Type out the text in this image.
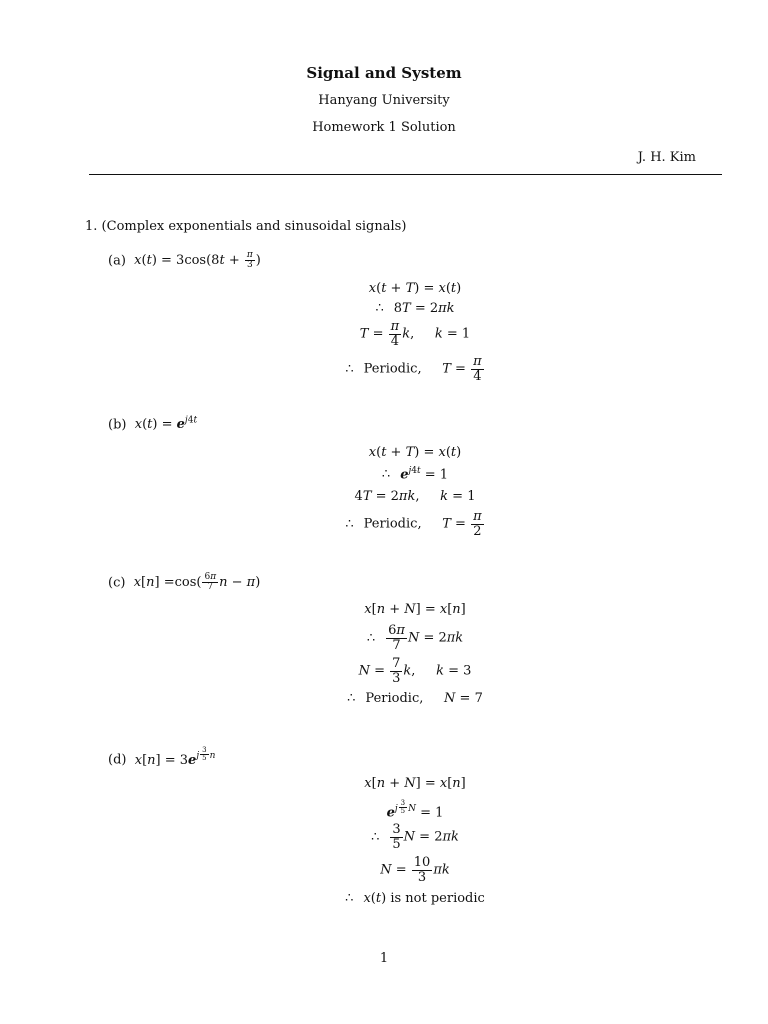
Signal and System
Hanyang University
Homework 1 Solution
J. H. Kim
1. (Complex exponentials and sinusoidal signals)
(a) $x(t) = 3\cos(8t + \frac{\pi}{3}$ )
x(t + T) = x(t)
∴ 8T = 2πk
$T = \frac{\pi}{4} k$,     k = 1
∴ Periodic, $T = \frac{\pi}{4}$
(b) $x(t) = e^{j4t}$
x(t + T) = x(t)
∴ $e^{j4t} = 1$
4T = 2πk,     k = 1
∴ Periodic, $T = \frac{\pi}{2}$
(c) $x[n] =\cos( \frac{6\pi}{7}$ n − π)
x[n + N] = x[n]
∴ $\frac{6\pi}{7}$ N = 2πk
$N = \frac{7}{3} k$,     k = 3
∴ Periodic, N = 7
(d) $x[n] = 3e^{j \frac{3}{5} n}$
x[n + N] = x[n]
$e^{j \frac{3}{5} N} = 1$
∴ $\frac{3}{5}$ N = 2πk
$N = \frac{10}{3}$ πk
∴ x(t) is not periodic
1
